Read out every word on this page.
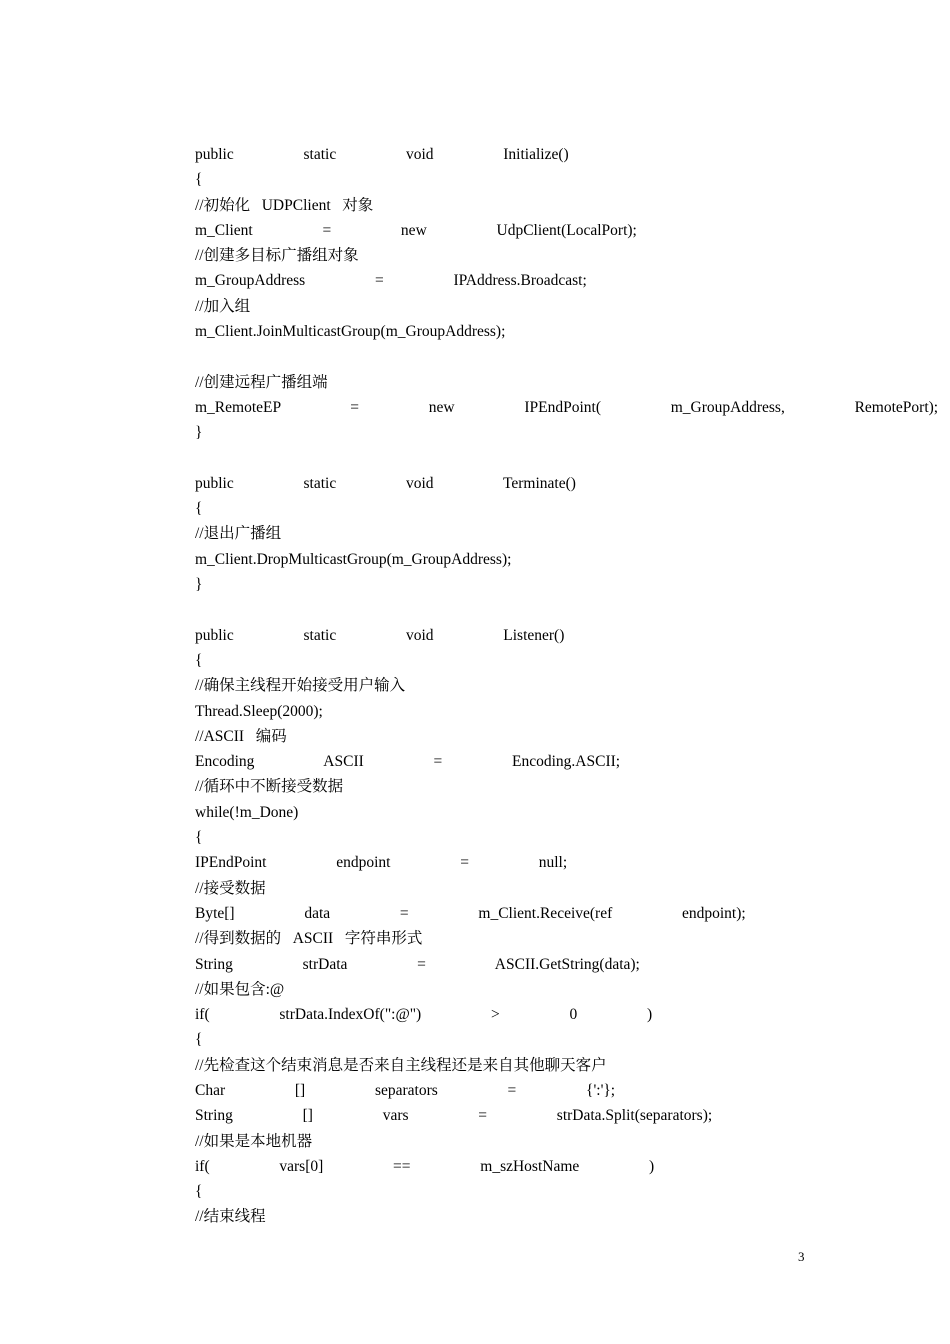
public      static      void      Initialize()
{
//初始化 UDPClient 对象
m_Client      =      new      UdpClient(LocalPort);
//创建多目标广播组对象
m_GroupAddress      =      IPAddress.Broadcast;
//加入组
m_Client.JoinMulticastGroup(m_GroupAddress);
//创建远程广播组端
m_RemoteEP      =      new      IPEndPoint(      m_GroupAddress,      RemotePort);
}
public      static      void      Terminate()
{
//退出广播组
m_Client.DropMulticastGroup(m_GroupAddress);
}
public      static      void      Listener()
{
//确保主线程开始接受用户输入
Thread.Sleep(2000);
//ASCII 编码
Encoding      ASCII      =      Encoding.ASCII;
//循环中不断接受数据
while(!m_Done)
{
IPEndPoint      endpoint      =      null;
//接受数据
Byte[]      data      =      m_Client.Receive(ref      endpoint);
//得到数据的 ASCII 字符串形式
String      strData      =      ASCII.GetString(data);
//如果包含:@
if(      strData.IndexOf(":@")      >      0      )
{
//先检查这个结束消息是否来自主线程还是来自其他聊天客户
Char      []      separators      =      {':'};
String      []      vars      =      strData.Split(separators);
//如果是本地机器
if(      vars[0]      ==      m_szHostName      )
{
//结束线程
3
